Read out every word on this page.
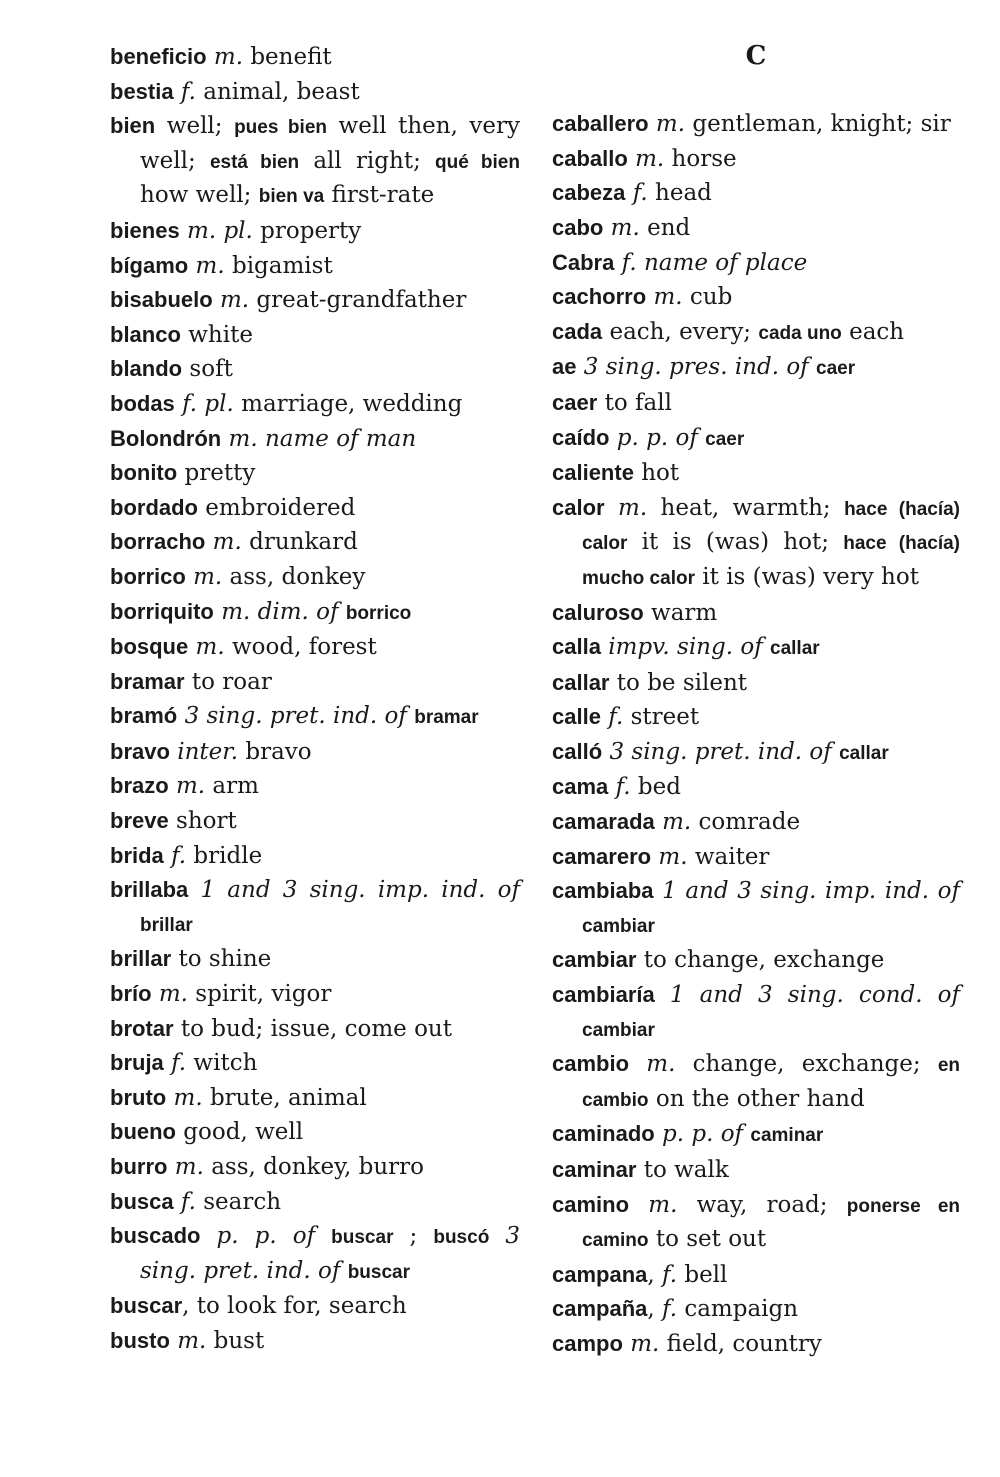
beneficio m. benefit
bestia f. animal, beast
bien well; pues bien well then, very well; está bien all right; qué bien how well; bien va first-rate
bienes m. pl. property
bígamo m. bigamist
bisabuelo m. great-grandfather
blanco white
blando soft
bodas f. pl. marriage, wedding
Bolondrón m. name of man
bonito pretty
bordado embroidered
borracho m. drunkard
borrico m. ass, donkey
borriquito m. dim. of borrico
bosque m. wood, forest
bramar to roar
bramó 3 sing. pret. ind. of bramar
bravo inter. bravo
brazo m. arm
breve short
brida f. bridle
brillaba 1 and 3 sing. imp. ind. of brillar
brillar to shine
brío m. spirit, vigor
brotar to bud; issue, come out
bruja f. witch
bruto m. brute, animal
bueno good, well
burro m. ass, donkey, burro
busca f. search
buscado p. p. of buscar ; buscó 3 sing. pret. ind. of buscar
buscar, to look for, search
busto m. bust
C
caballero m. gentleman, knight; sir
caballo m. horse
cabeza f. head
cabo m. end
Cabra f. name of place
cachorro m. cub
cada each, every; cada uno each
ae 3 sing. pres. ind. of caer
caer to fall
caído p. p. of caer
caliente hot
calor m. heat, warmth; hace (hacía) calor it is (was) hot; hace (hacía) mucho calor it is (was) very hot
caluroso warm
calla impv. sing. of callar
callar to be silent
calle f. street
calló 3 sing. pret. ind. of callar
cama f. bed
camarada m. comrade
camarero m. waiter
cambiaba 1 and 3 sing. imp. ind. of cambiar
cambiar to change, exchange
cambiaría 1 and 3 sing. cond. of cambiar
cambio m. change, exchange; en cambio on the other hand
caminado p. p. of caminar
caminar to walk
camino m. way, road; ponerse en camino to set out
campana, f. bell
campaña, f. campaign
campo m. field, country
